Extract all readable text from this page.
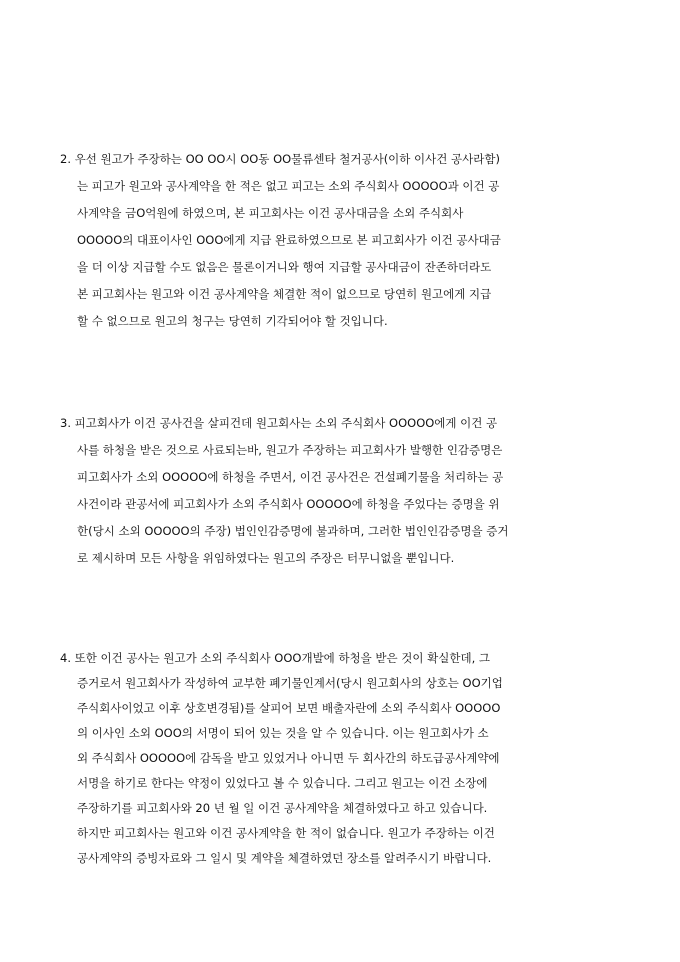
2. 우선 원고가 주장하는 OO OO시 OO동 OO물류센타 철거공사(이하 이사건 공사라함)
는 피고가 원고와 공사계약을 한 적은 없고 피고는 소외 주식회사 OOOOO과 이건 공
사계약을 금O억원에 하였으며, 본 피고회사는 이건 공사대금을 소외 주식회사
OOOOO의 대표이사인 OOO에게 지급 완료하였으므로 본 피고회사가 이건 공사대금
을 더 이상 지급할 수도 없음은 물론이거니와 행여 지급할 공사대금이 잔존하더라도
본 피고회사는 원고와 이건 공사계약을 체결한 적이 없으므로 당연히 원고에게 지급
할 수 없으므로 원고의 청구는 당연히 기각되어야 할 것입니다.
3. 피고회사가 이건 공사건을 살피건데 원고회사는 소외 주식회사 OOOOO에게 이건 공
사를 하청을 받은 것으로 사료되는바, 원고가 주장하는 피고회사가 발행한 인감증명은
피고회사가 소외 OOOOO에 하청을 주면서, 이건 공사건은 건설폐기물을 처리하는 공
사건이라 관공서에 피고회사가 소외 주식회사 OOOOO에 하청을 주었다는 증명을 위
한(당시 소외 OOOOO의 주장) 법인인감증명에 불과하며, 그러한 법인인감증명을 증거
로 제시하며 모든 사항을 위임하였다는 원고의 주장은 터무니없을 뿐입니다.
4. 또한 이건 공사는 원고가 소외 주식회사 OOO개발에 하청을 받은 것이 확실한데, 그
증거로서 원고회사가 작성하여 교부한 폐기물인계서(당시 원고회사의 상호는 OO기업
주식회사이었고 이후 상호변경됨)를 살피어 보면 배출자란에 소외 주식회사 OOOOO
의 이사인 소외 OOO의 서명이 되어 있는 것을 알 수 있습니다. 이는 원고회사가 소
외 주식회사 OOOOO에 감독을 받고 있었거나 아니면 두 회사간의 하도급공사계약에
서명을 하기로 한다는 약정이 있었다고 볼 수 있습니다. 그리고 원고는 이건 소장에
주장하기를 피고회사와 20 년 월 일 이건 공사계약을 체결하였다고 하고 있습니다.
하지만 피고회사는 원고와 이건 공사계약을 한 적이 없습니다. 원고가 주장하는 이건
공사계약의 증빙자료와 그 일시 및 계약을 체결하였던 장소를 알려주시기 바랍니다.
